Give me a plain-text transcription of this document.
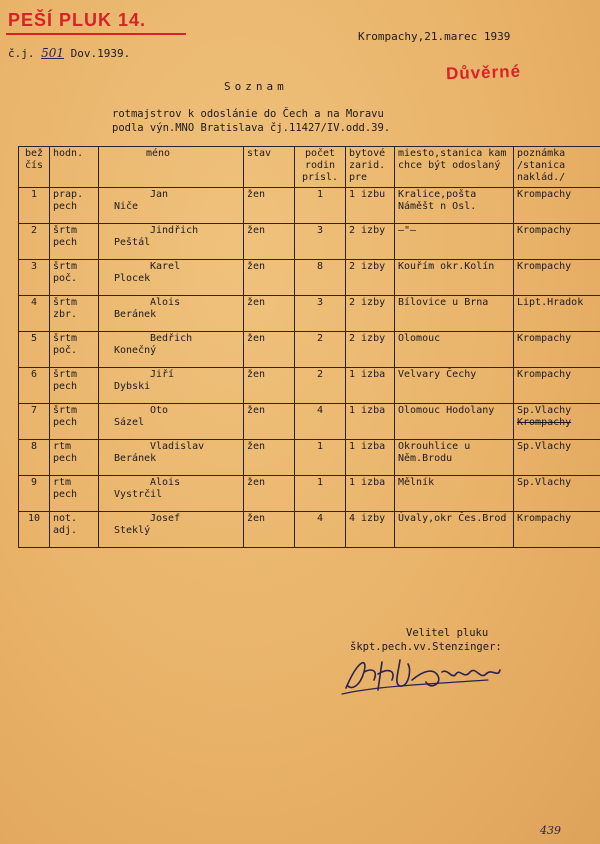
PEŠÍ PLUK 14.
č.j. 501 Dov.1939.
Krompachy,21.marec 1939
Důvěrné
Soznam
rotmajstrov k odoslánie do Čech a na Moravu
podla výn.MNO Bratislava čj.11427/IV.odd.39.
bež čís	hodn.	méno	stav	počet rodin prísl.	bytové zarid. pre	miesto,stanica kam chce být odoslaný	poznámka /stanica naklád./
1	prap. pech	Jan
Niče	žen	1	1 izbu	Kralice,pošta Náměšt n Osl.	Krompachy
2	šrtm pech	Jindřich
Peštál	žen	3	2 izby	—"—	Krompachy
3	šrtm poč.	Karel
Plocek	žen	8	2 izby	Kouřím okr.Kolín	Krompachy
4	šrtm zbr.	Alois
Beránek	žen	3	2 izby	Bílovice u Brna	Lipt.Hradok
5	šrtm poč.	Bedřich
Konečný	žen	2	2 izby	Olomouc	Krompachy
6	šrtm pech	Jiří
Dybski	žen	2	1 izba	Velvary Čechy	Krompachy
7	šrtm pech	Oto
Sázel	žen	4	1 izba	Olomouc Hodolany	Sp.Vlachy
Krompachy
8	rtm pech	Vladislav
Beránek	žen	1	1 izba	Okrouhlice u Něm.Brodu	Sp.Vlachy
9	rtm pech	Alois
Vystrčil	žen	1	1 izba	Mělník	Sp.Vlachy
10	not. adj.	Josef
Steklý	žen	4	4 izby	Úvaly,okr Čes.Brod	Krompachy
Velitel pluku
škpt.pech.vv.Stenzinger:
439
